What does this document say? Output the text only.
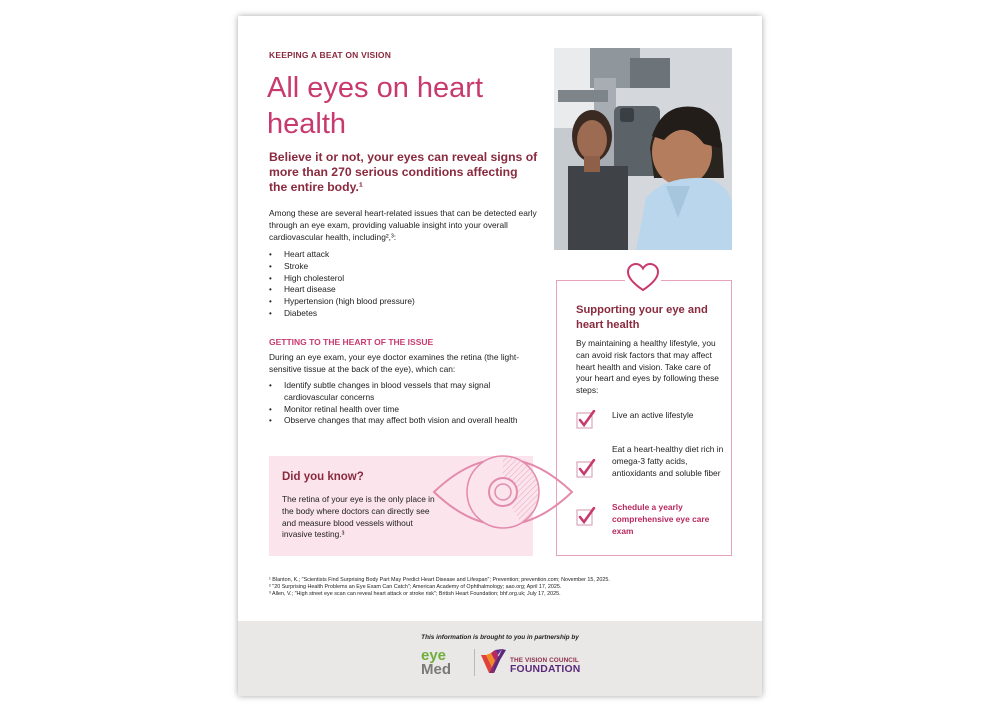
KEEPING A BEAT ON VISION
All eyes on heart health

Believe it or not, your eyes can reveal signs of more than 270 serious conditions affecting the entire body.¹

Among these are several heart-related issues that can be detected early through an eye exam, providing valuable insight into your overall cardiovascular health, including²,³:

• Heart attack
• Stroke
• High cholesterol
• Heart disease
• Hypertension (high blood pressure)
• Diabetes
GETTING TO THE HEART OF THE ISSUE

During an eye exam, your eye doctor examines the retina (the light-sensitive tissue at the back of the eye), which can:

• Identify subtle changes in blood vessels that may signal cardiovascular concerns
• Monitor retinal health over time
• Observe changes that may affect both vision and overall health
Supporting your eye and heart health

By maintaining a healthy lifestyle, you can avoid risk factors that may affect heart health and vision. Take care of your heart and eyes by following these steps:

Live an active lifestyle
Eat a heart-healthy diet rich in omega-3 fatty acids, antioxidants and soluble fiber
Schedule a yearly comprehensive eye care exam
Did you know?

The retina of your eye is the only place in the body where doctors can directly see and measure blood vessels without invasive testing.³

¹ Blanton, K.; "Scientists Find Surprising Body Part May Predict Heart Disease and Lifespan"; Prevention; prevention.com; November 15, 2025.
² "20 Surprising Health Problems an Eye Exam Can Catch"; American Academy of Ophthalmology; aao.org; April 17, 2025.
³ Allen, V.; "High street eye scan can reveal heart attack or stroke risk"; British Heart Foundation; bhf.org.uk; July 17, 2025.
This information is brought to you in partnership by
eye
Med
THE VISION COUNCIL
FOUNDATION
